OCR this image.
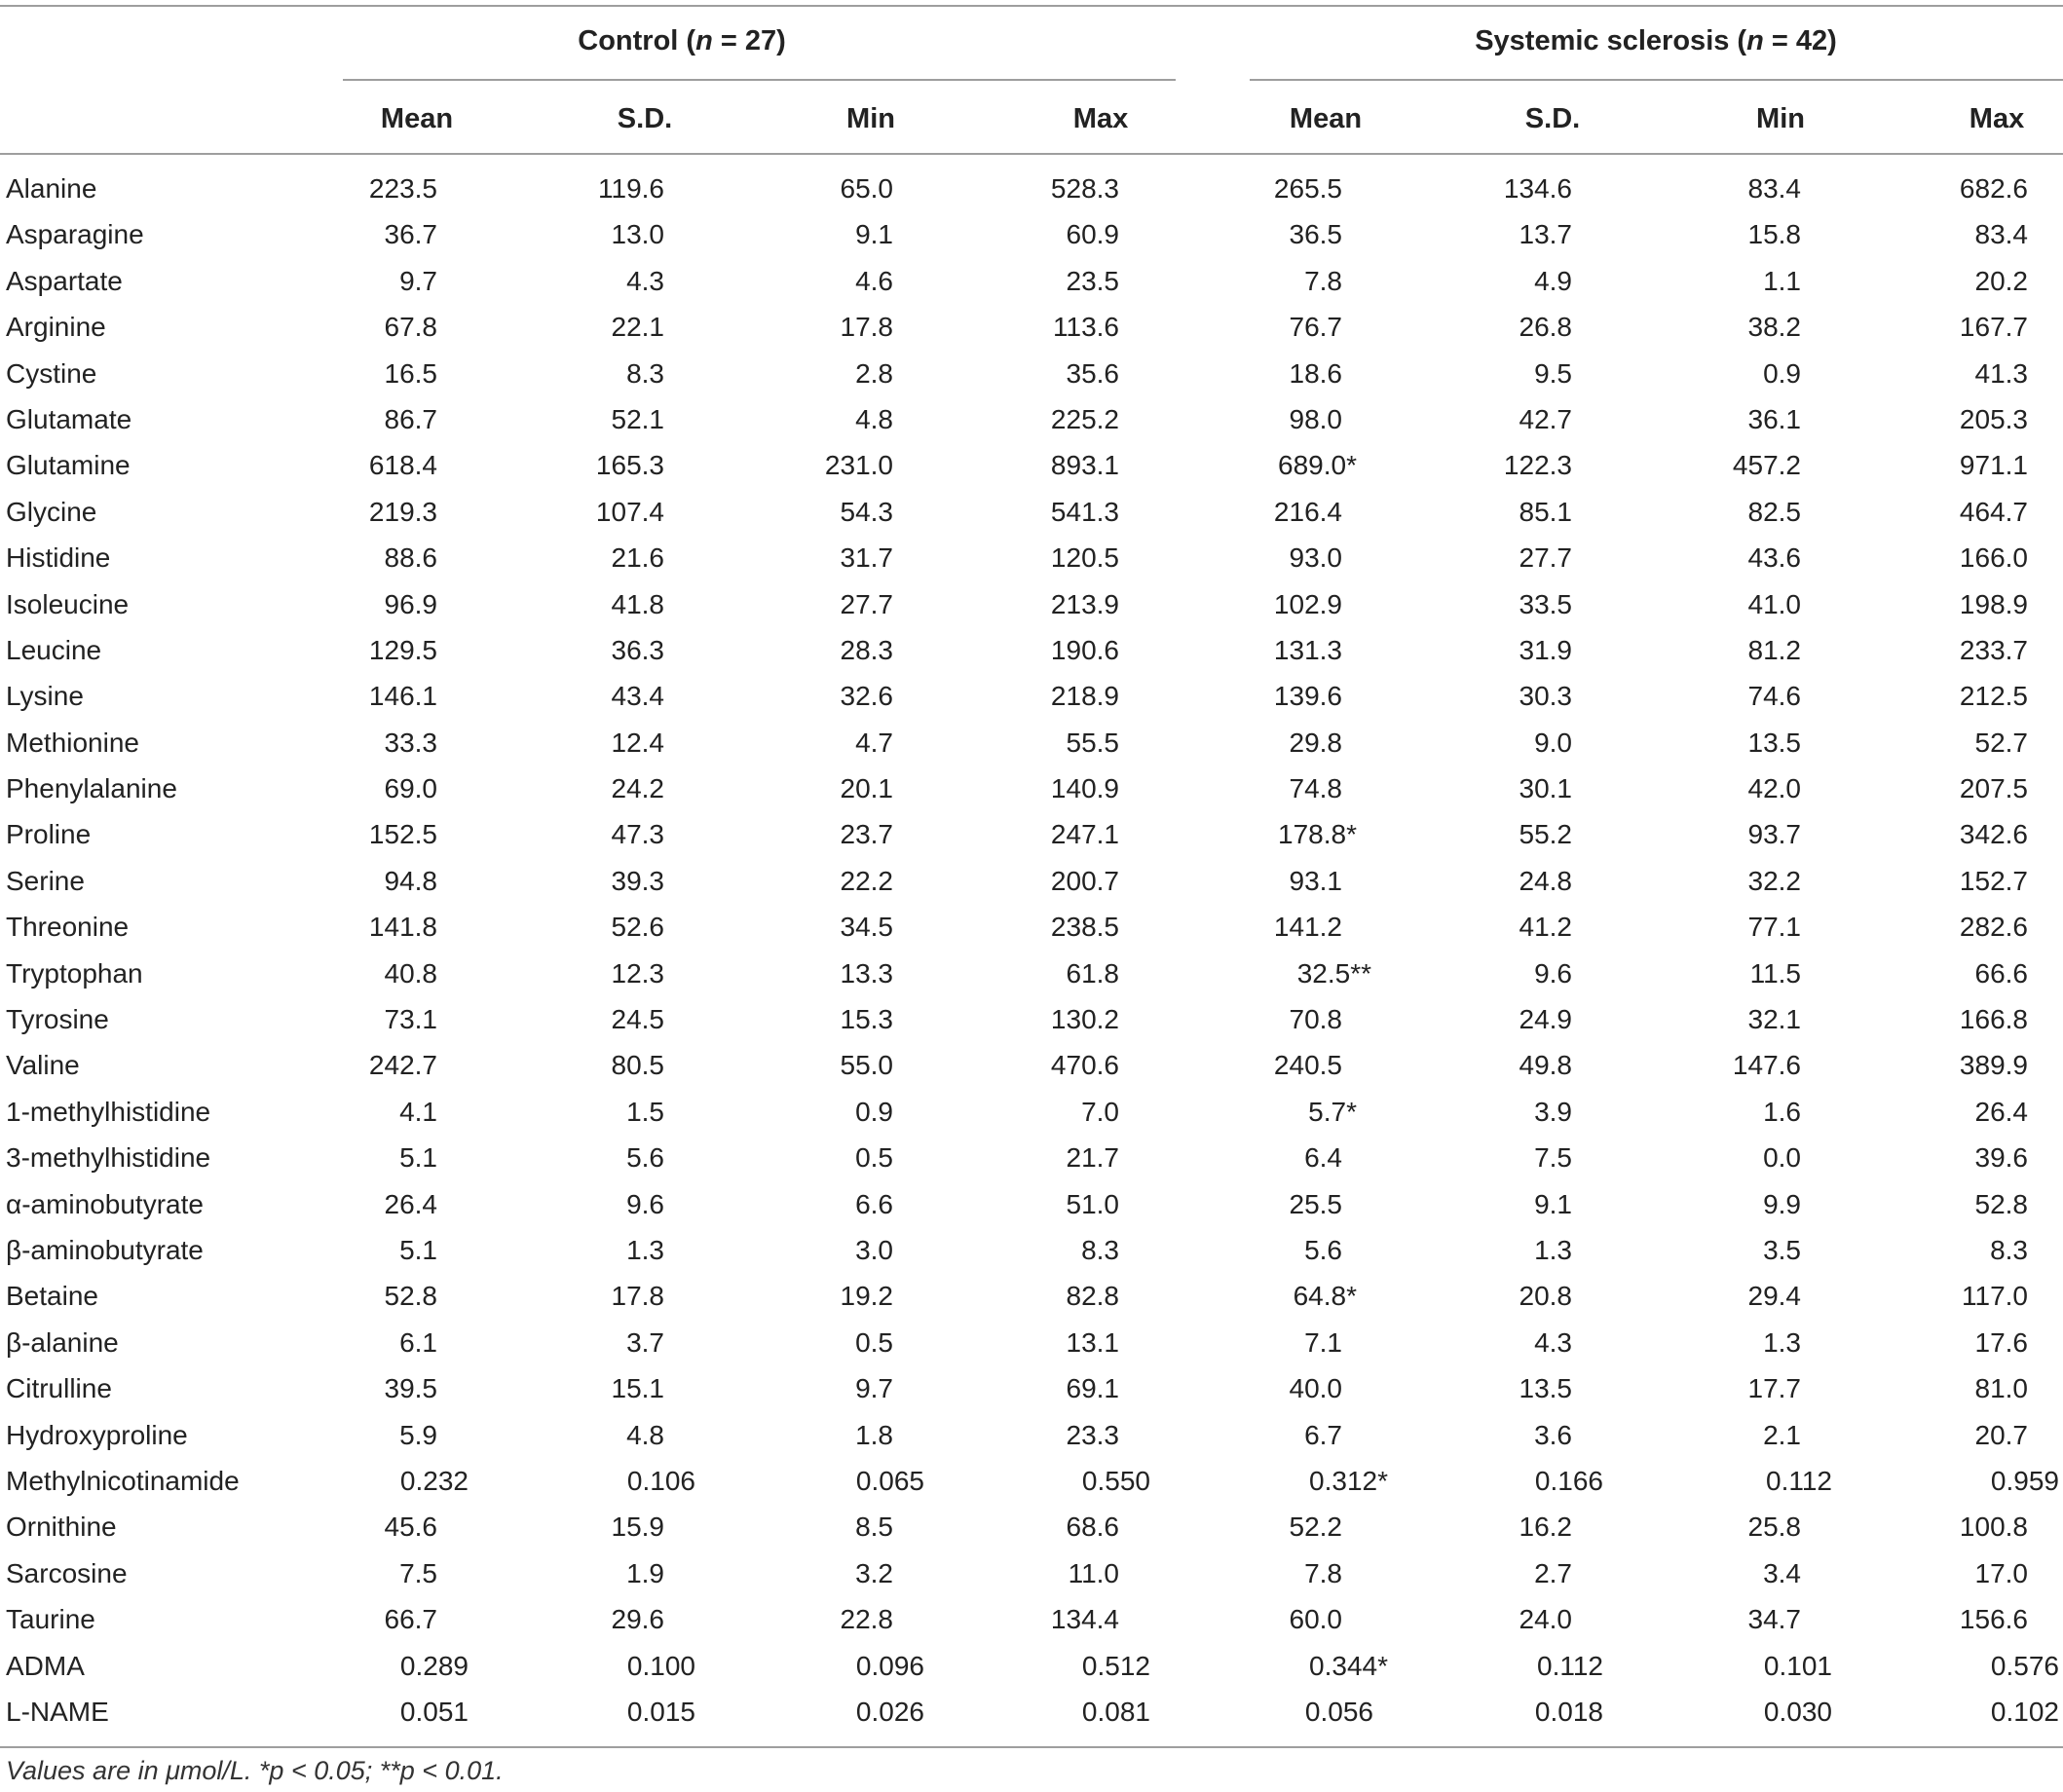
Control (n = 27)	Systemic sclerosis (n = 42)
Mean	S.D.	Min	Max	Mean	S.D.	Min	Max
Alanine	223.5	119.6	65.0	528.3	265.5	134.6	83.4	682.6
Asparagine	36.7	13.0	9.1	60.9	36.5	13.7	15.8	83.4
Aspartate	9.7	4.3	4.6	23.5	7.8	4.9	1.1	20.2
Arginine	67.8	22.1	17.8	113.6	76.7	26.8	38.2	167.7
Cystine	16.5	8.3	2.8	35.6	18.6	9.5	0.9	41.3
Glutamate	86.7	52.1	4.8	225.2	98.0	42.7	36.1	205.3
Glutamine	618.4	165.3	231.0	893.1	689.0*	122.3	457.2	971.1
Glycine	219.3	107.4	54.3	541.3	216.4	85.1	82.5	464.7
Histidine	88.6	21.6	31.7	120.5	93.0	27.7	43.6	166.0
Isoleucine	96.9	41.8	27.7	213.9	102.9	33.5	41.0	198.9
Leucine	129.5	36.3	28.3	190.6	131.3	31.9	81.2	233.7
Lysine	146.1	43.4	32.6	218.9	139.6	30.3	74.6	212.5
Methionine	33.3	12.4	4.7	55.5	29.8	9.0	13.5	52.7
Phenylalanine	69.0	24.2	20.1	140.9	74.8	30.1	42.0	207.5
Proline	152.5	47.3	23.7	247.1	178.8*	55.2	93.7	342.6
Serine	94.8	39.3	22.2	200.7	93.1	24.8	32.2	152.7
Threonine	141.8	52.6	34.5	238.5	141.2	41.2	77.1	282.6
Tryptophan	40.8	12.3	13.3	61.8	32.5**	9.6	11.5	66.6
Tyrosine	73.1	24.5	15.3	130.2	70.8	24.9	32.1	166.8
Valine	242.7	80.5	55.0	470.6	240.5	49.8	147.6	389.9
1-methylhistidine	4.1	1.5	0.9	7.0	5.7*	3.9	1.6	26.4
3-methylhistidine	5.1	5.6	0.5	21.7	6.4	7.5	0.0	39.6
α-aminobutyrate	26.4	9.6	6.6	51.0	25.5	9.1	9.9	52.8
β-aminobutyrate	5.1	1.3	3.0	8.3	5.6	1.3	3.5	8.3
Betaine	52.8	17.8	19.2	82.8	64.8*	20.8	29.4	117.0
β-alanine	6.1	3.7	0.5	13.1	7.1	4.3	1.3	17.6
Citrulline	39.5	15.1	9.7	69.1	40.0	13.5	17.7	81.0
Hydroxyproline	5.9	4.8	1.8	23.3	6.7	3.6	2.1	20.7
Methylnicotinamide	0.232	0.106	0.065	0.550	0.312*	0.166	0.112	0.959
Ornithine	45.6	15.9	8.5	68.6	52.2	16.2	25.8	100.8
Sarcosine	7.5	1.9	3.2	11.0	7.8	2.7	3.4	17.0
Taurine	66.7	29.6	22.8	134.4	60.0	24.0	34.7	156.6
ADMA	0.289	0.100	0.096	0.512	0.344*	0.112	0.101	0.576
L-NAME	0.051	0.015	0.026	0.081	0.056	0.018	0.030	0.102
Values are in μmol/L. *p < 0.05; **p < 0.01.
